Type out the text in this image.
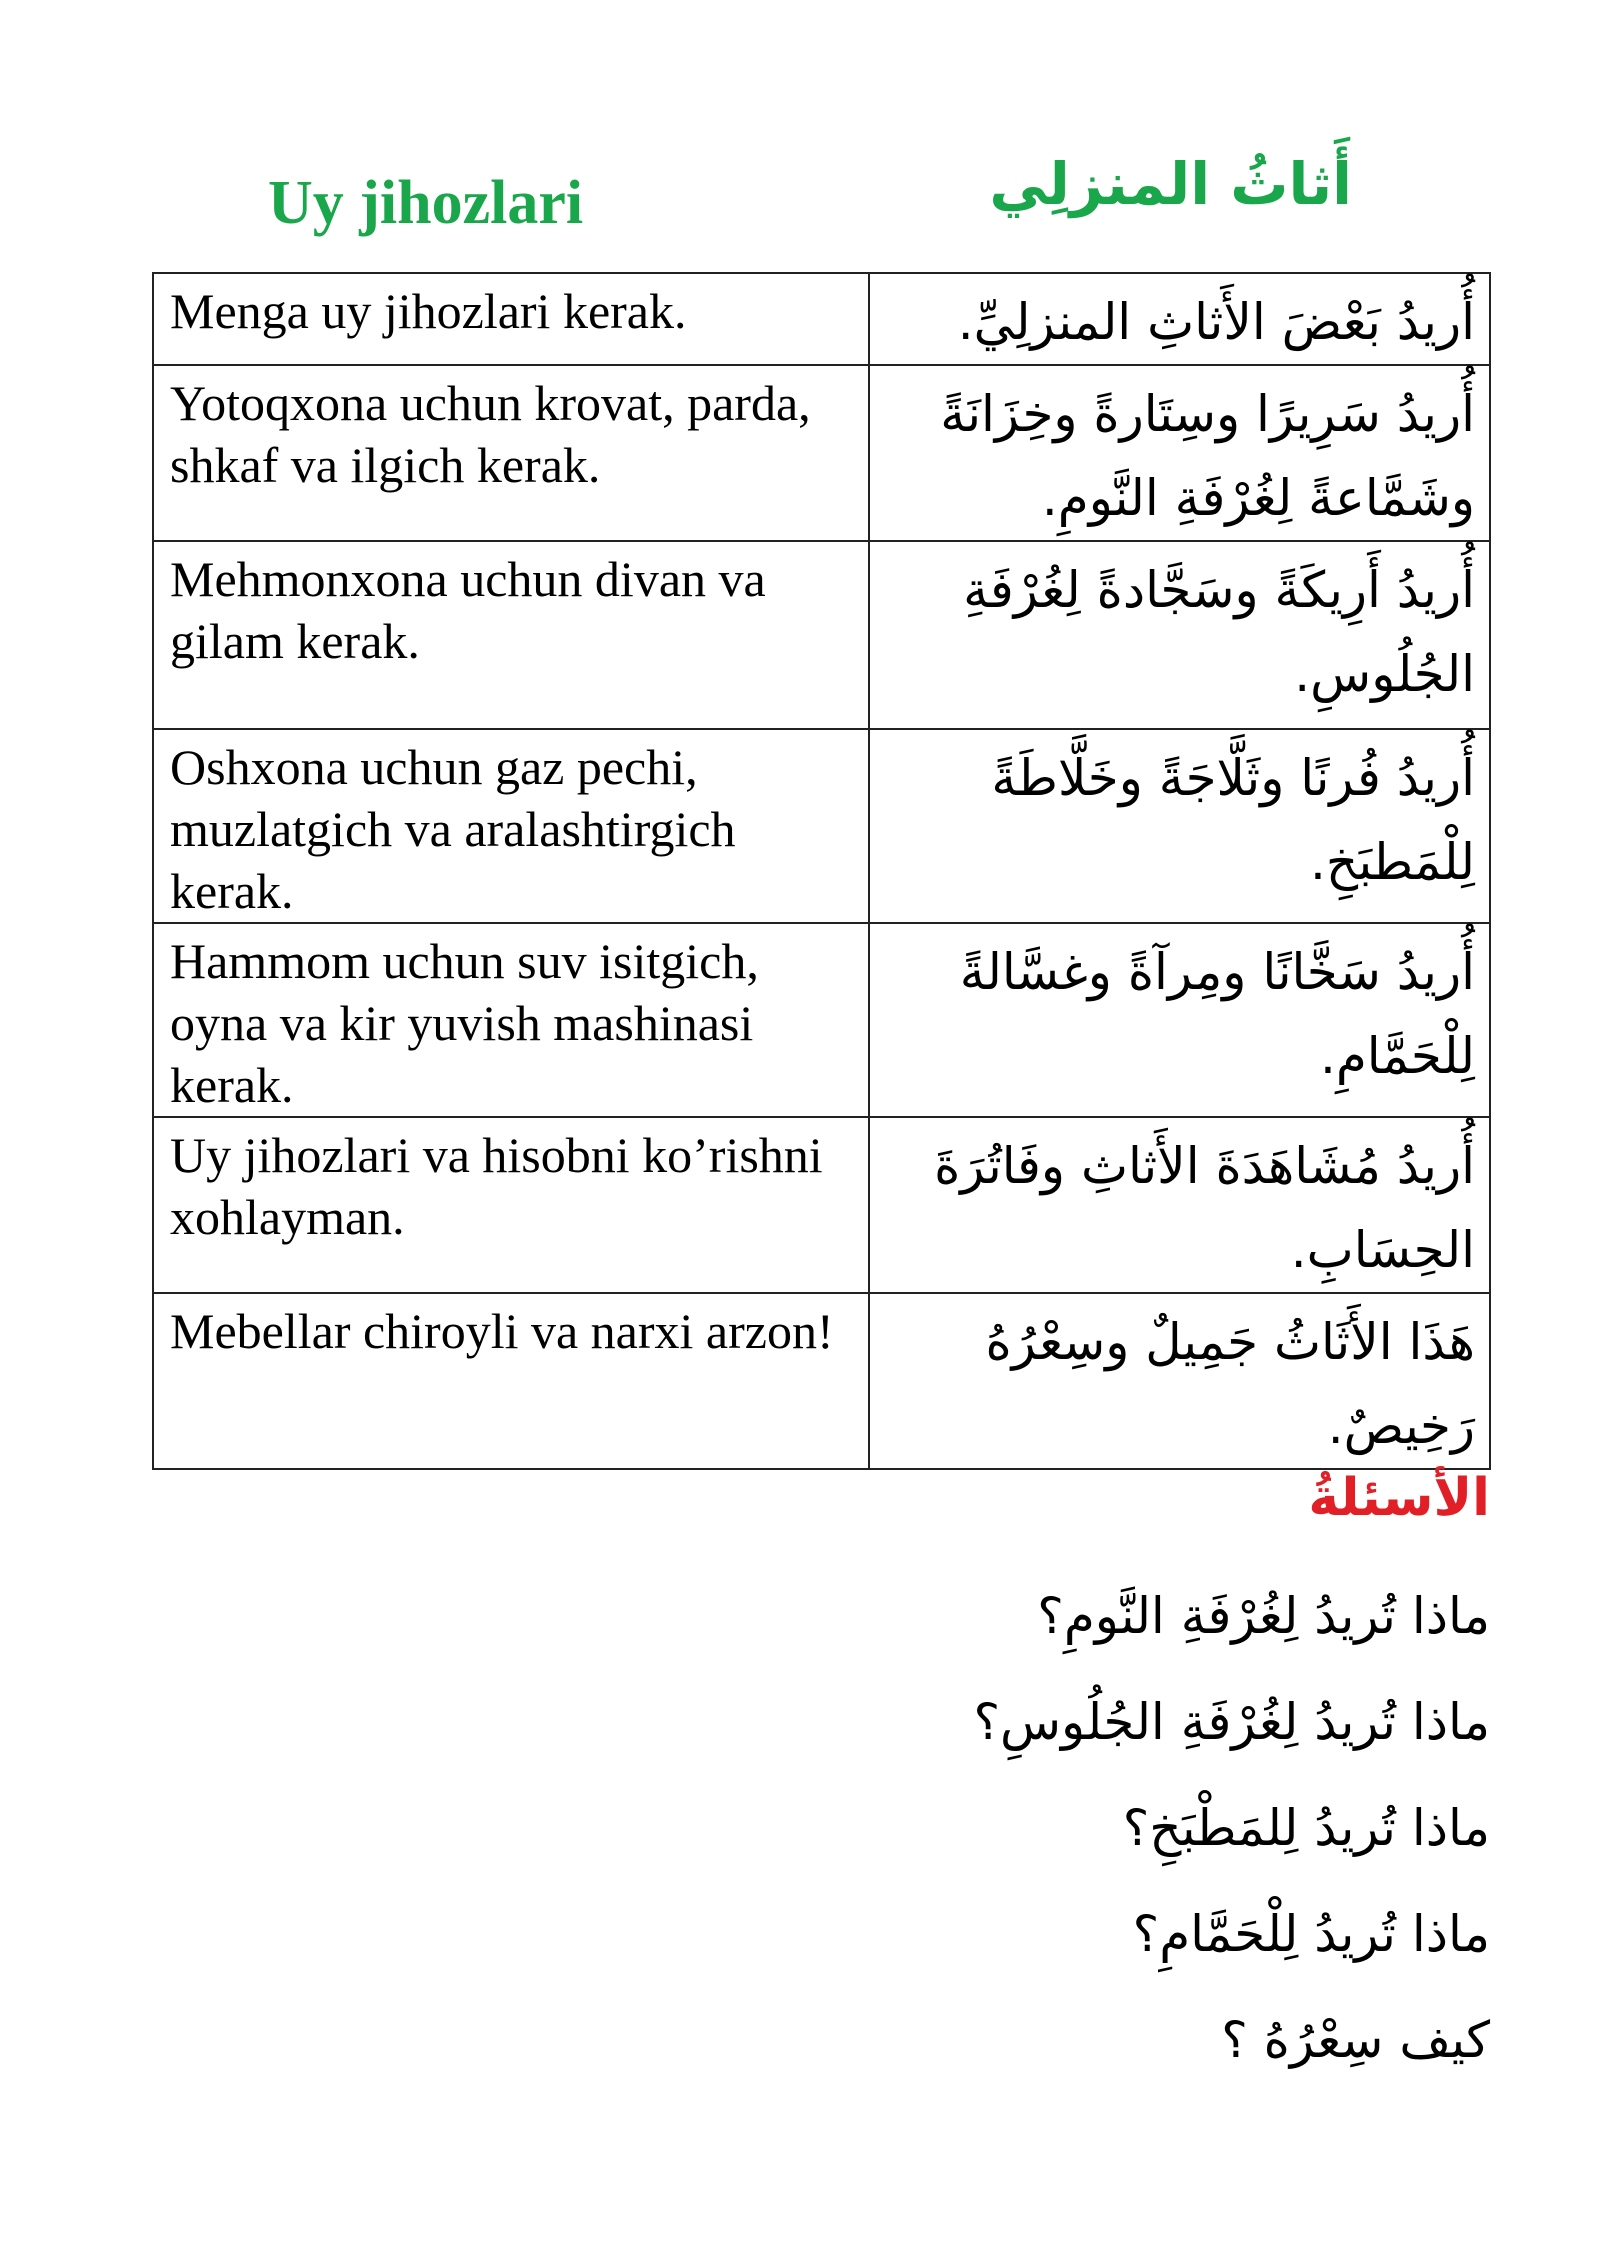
Uy jihozlari	أَثاثُ المنزلِي
Menga uy jihozlari kerak.	أُريدُ بَعْضَ الأَثاثِ المنزلِيِّ.
Yotoqxona uchun krovat, parda, shkaf va ilgich kerak.	أُريدُ سَرِيرًا وسِتَارةً وخِزَانَةً وشَمَّاعةً لِغُرْفَةِ النَّومِ.
Mehmonxona uchun divan va gilam kerak.	أُريدُ أَرِيكَةً وسَجَّادةً لِغُرْفَةِ الجُلُوسِ.
Oshxona uchun gaz pechi, muzlatgich va aralashtirgich kerak.	أُريدُ فُرنًا وثَلَّاجَةً وخَلَّاطَةً لِلْمَطبَخِ.
Hammom uchun suv isitgich, oyna va kir yuvish mashinasi kerak.	أُريدُ سَخَّانًا ومِرآةً وغسَّالةً لِلْحَمَّامِ.
Uy jihozlari va hisobni ko’rishni xohlayman.	أُريدُ مُشَاهَدَةَ الأَثاثِ وفَاتُرَةَ الحِسَابِ.
Mebellar chiroyli va narxi arzon!	هَذَا الأَثَاثُ جَمِيلٌ وسِعْرُهُ رَخِيصٌ.
الأسئلةُ
ماذا تُريدُ لِغُرْفَةِ النَّومِ؟
ماذا تُريدُ لِغُرْفَةِ الجُلُوسِ؟
ماذا تُريدُ لِلمَطْبَخِ؟
ماذا تُريدُ لِلْحَمَّامِ؟
كيف سِعْرُهُ ؟
